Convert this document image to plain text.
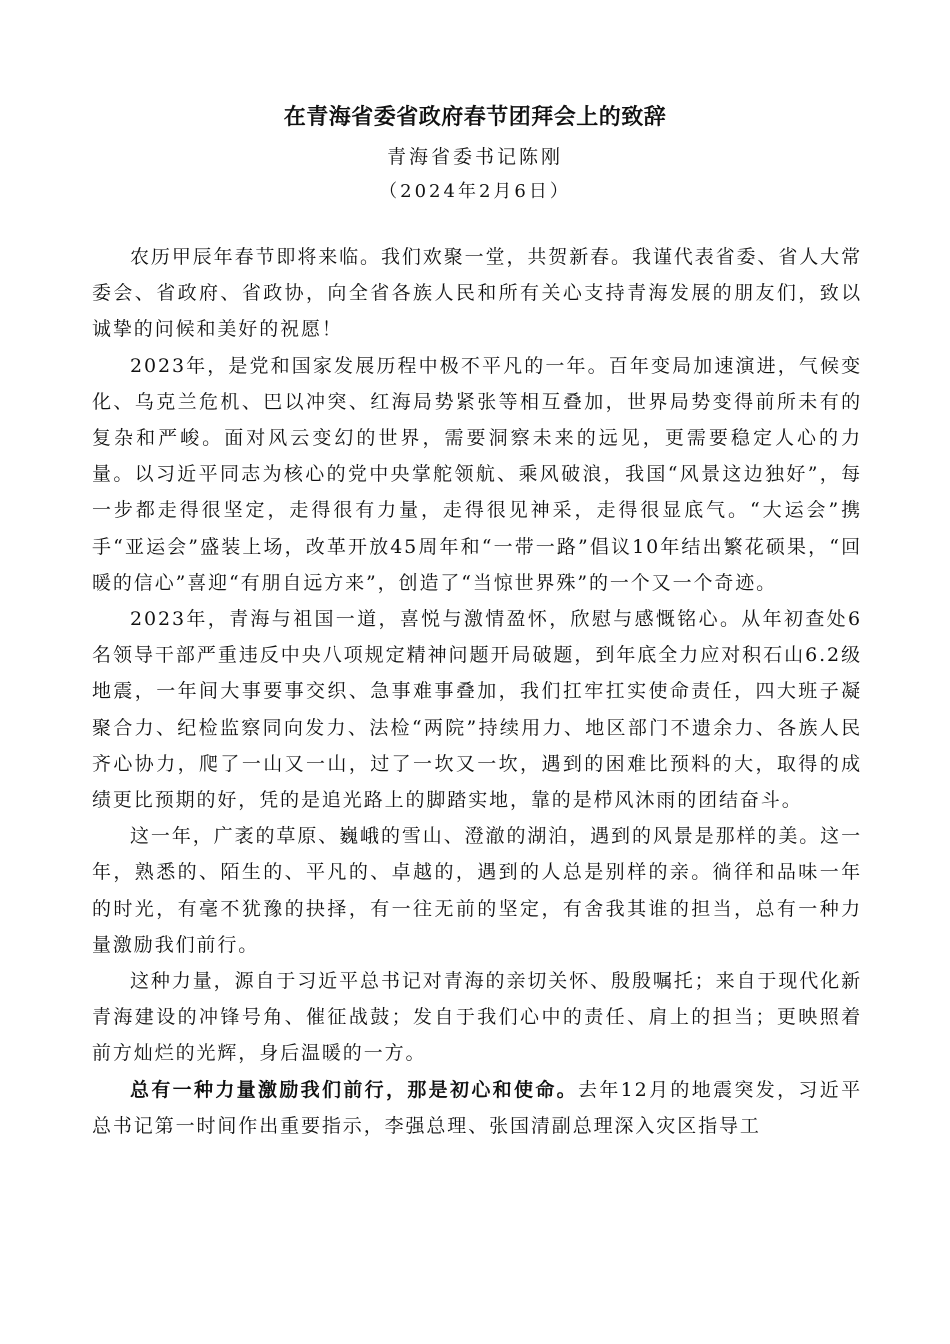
在青海省委省政府春节团拜会上的致辞
青海省委书记陈刚
（2024年2月6日）

农历甲辰年春节即将来临。我们欢聚一堂，共贺新春。我谨代表省委、省人大常委会、省政府、省政协，向全省各族人民和所有关心支持青海发展的朋友们，致以诚挚的问候和美好的祝愿！

2023年，是党和国家发展历程中极不平凡的一年。百年变局加速演进，气候变化、乌克兰危机、巴以冲突、红海局势紧张等相互叠加，世界局势变得前所未有的复杂和严峻。面对风云变幻的世界，需要洞察未来的远见，更需要稳定人心的力量。以习近平同志为核心的党中央掌舵领航、乘风破浪，我国“风景这边独好”，每一步都走得很坚定，走得很有力量，走得很见神采，走得很显底气。“大运会”携手“亚运会”盛装上场，改革开放45周年和“一带一路”倡议10年结出繁花硕果，“回暖的信心”喜迎“有朋自远方来”，创造了“当惊世界殊”的一个又一个奇迹。

2023年，青海与祖国一道，喜悦与激情盈怀，欣慰与感慨铭心。从年初查处6名领导干部严重违反中央八项规定精神问题开局破题，到年底全力应对积石山6.2级地震，一年间大事要事交织、急事难事叠加，我们扛牢扛实使命责任，四大班子凝聚合力、纪检监察同向发力、法检“两院”持续用力、地区部门不遗余力、各族人民齐心协力，爬了一山又一山，过了一坎又一坎，遇到的困难比预料的大，取得的成绩更比预期的好，凭的是追光路上的脚踏实地，靠的是栉风沐雨的团结奋斗。

这一年，广袤的草原、巍峨的雪山、澄澈的湖泊，遇到的风景是那样的美。这一年，熟悉的、陌生的、平凡的、卓越的，遇到的人总是别样的亲。徜徉和品味一年的时光，有毫不犹豫的抉择，有一往无前的坚定，有舍我其谁的担当，总有一种力量激励我们前行。

这种力量，源自于习近平总书记对青海的亲切关怀、殷殷嘱托；来自于现代化新青海建设的冲锋号角、催征战鼓；发自于我们心中的责任、肩上的担当；更映照着前方灿烂的光辉，身后温暖的一方。

总有一种力量激励我们前行，那是初心和使命。去年12月的地震突发，习近平总书记第一时间作出重要指示，李强总理、张国清副总理深入灾区指导工
